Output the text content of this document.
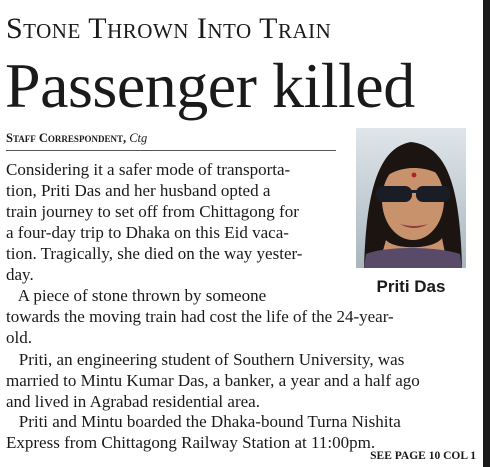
Stone Thrown Into Train
Passenger killed
Staff Correspondent, Ctg
Priti Das

Considering it a safer mode of transporta-
tion, Priti Das and her husband opted a
train journey to set off from Chittagong for
a four-day trip to Dhaka on this Eid vaca-
tion. Tragically, she died on the way yester-
day.

A piece of stone thrown by someone
towards the moving train had cost the life of the 24-year-
old.

Priti, an engineering student of Southern University, was
married to Mintu Kumar Das, a banker, a year and a half ago
and lived in Agrabad residential area.

Priti and Mintu boarded the Dhaka-bound Turna Nishita
Express from Chittagong Railway Station at 11:00pm.

SEE PAGE 10 COL 1
